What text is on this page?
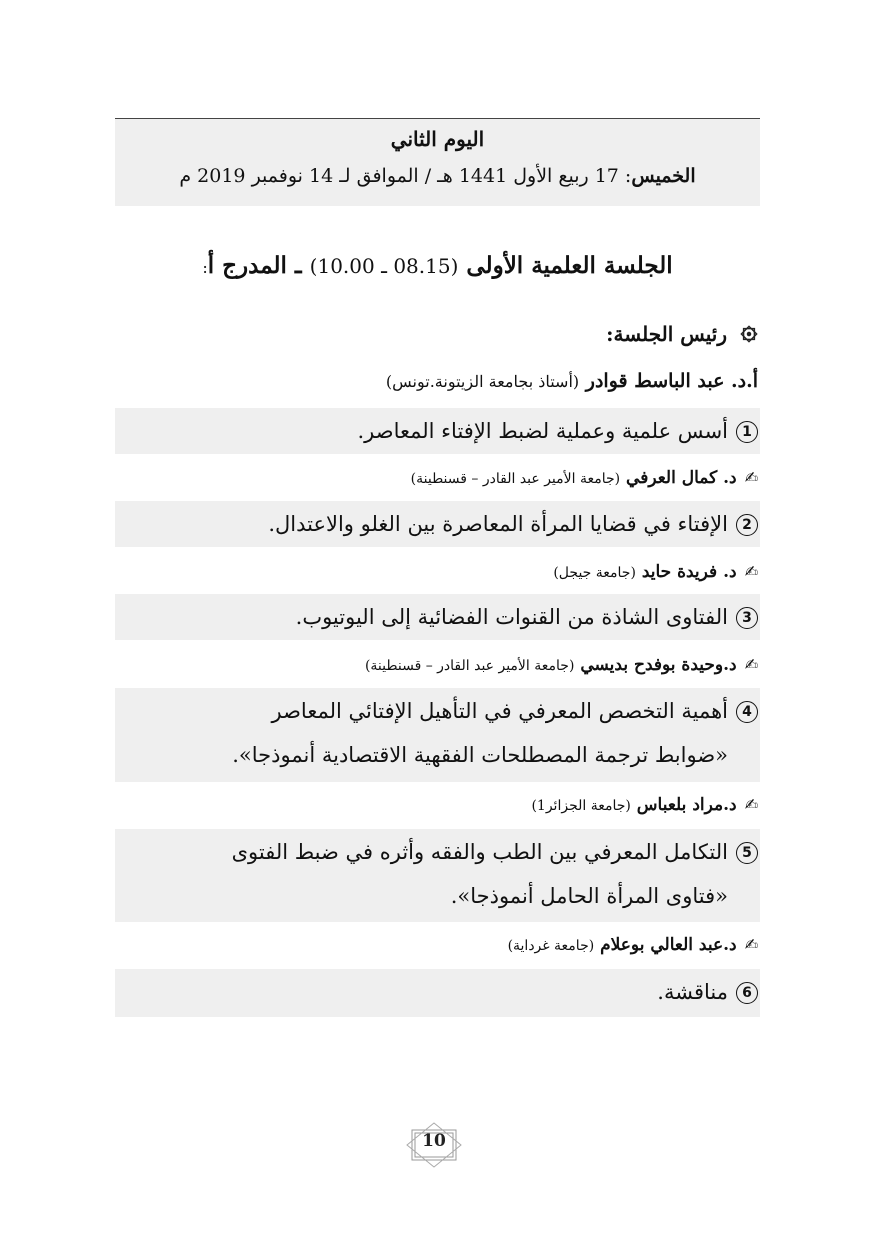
اليوم الثاني
الخميس: 17 ربيع الأول 1441 هـ / الموافق لـ 14 نوفمبر 2019 م
الجلسة العلمية الأولى (08.15 ـ 10.00) ـ المدرج أ:
رئيس الجلسة:
أ.د. عبد الباسط قوادر (أستاذ بجامعة الزيتونة.تونس)
1أسس علمية وعملية لضبط الإفتاء المعاصر.
✍د. كمال العرفي (جامعة الأمير عبد القادر – قسنطينة)
2الإفتاء في قضايا المرأة المعاصرة بين الغلو والاعتدال.
✍د. فريدة حايد (جامعة جيجل)
3الفتاوى الشاذة من القنوات الفضائية إلى اليوتيوب.
✍د.وحيدة بوفدح بديسي (جامعة الأمير عبد القادر – قسنطينة)
4أهمية التخصص المعرفي في التأهيل الإفتائي المعاصر
«ضوابط ترجمة المصطلحات الفقهية الاقتصادية أنموذجا».
✍د.مراد بلعباس (جامعة الجزائر1)
5التكامل المعرفي بين الطب والفقه وأثره في ضبط الفتوى
«فتاوى المرأة الحامل أنموذجا».
✍د.عبد العالي بوعلام (جامعة غرداية)
6مناقشة.
10
